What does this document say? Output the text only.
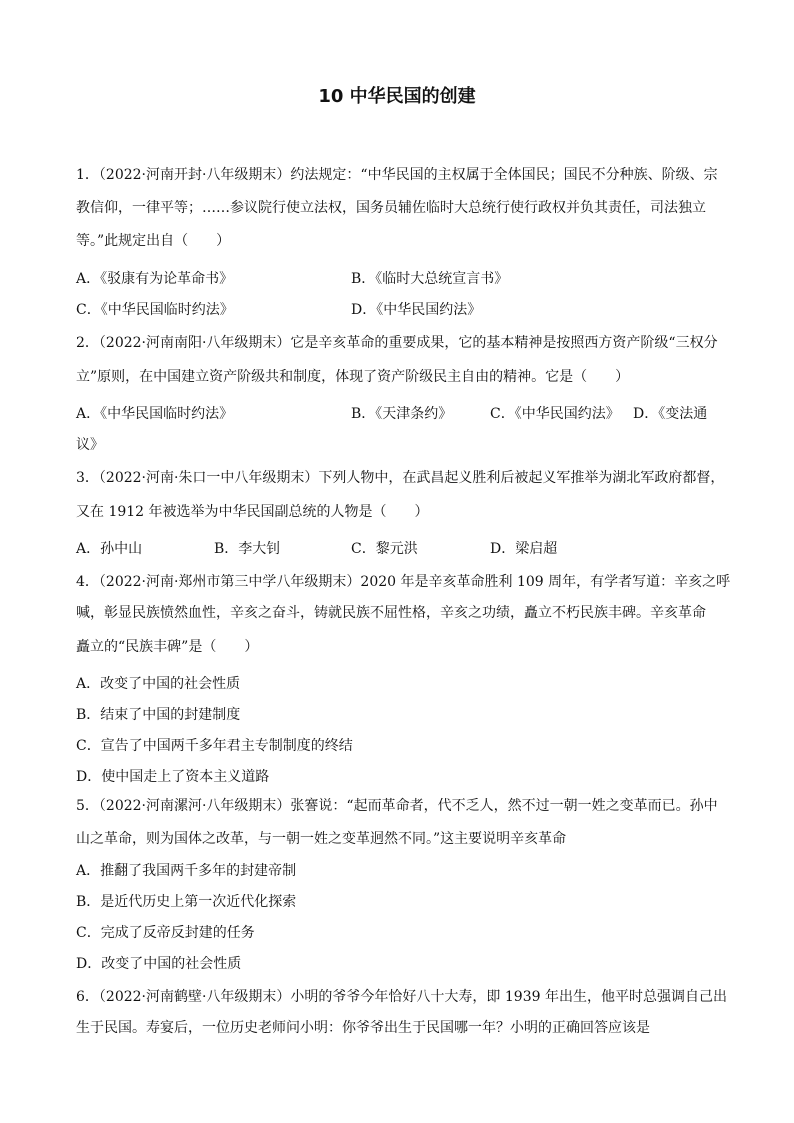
10 中华民国的创建
1．（2022·河南开封·八年级期末）约法规定：“中华民国的主权属于全体国民；国民不分种族、阶级、宗
教信仰，一律平等；……参议院行使立法权，国务员辅佐临时大总统行使行政权并负其责任，司法独立
等。”此规定出自（　　）
A．《驳康有为论革命书》	B．《临时大总统宣言书》
C．《中华民国临时约法》	D．《中华民国约法》
2．（2022·河南南阳·八年级期末）它是辛亥革命的重要成果，它的基本精神是按照西方资产阶级“三权分
立”原则，在中国建立资产阶级共和制度，体现了资产阶级民主自由的精神。它是（　　）
A．《中华民国临时约法》	B．《天津条约》	C．《中华民国约法》 D．《变法通
议》
3．（2022·河南·朱口一中八年级期末）下列人物中，在武昌起义胜利后被起义军推举为湖北军政府都督，
又在 1912 年被选举为中华民国副总统的人物是（　　）
A．孙中山	B．李大钊	C．黎元洪	D．梁启超
4．（2022·河南·郑州市第三中学八年级期末）2020 年是辛亥革命胜利 109 周年，有学者写道：辛亥之呼
喊，彰显民族愤然血性，辛亥之奋斗，铸就民族不屈性格，辛亥之功绩，矗立不朽民族丰碑。辛亥革命
矗立的“民族丰碑”是（　　）
A．改变了中国的社会性质
B．结束了中国的封建制度
C．宣告了中国两千多年君主专制制度的终结
D．使中国走上了资本主义道路
5．（2022·河南漯河·八年级期末）张謇说：“起而革命者，代不乏人，然不过一朝一姓之变革而已。孙中
山之革命，则为国体之改革，与一朝一姓之变革迥然不同。”这主要说明辛亥革命
A．推翻了我国两千多年的封建帝制
B．是近代历史上第一次近代化探索
C．完成了反帝反封建的任务
D．改变了中国的社会性质
6．（2022·河南鹤壁·八年级期末）小明的爷爷今年恰好八十大寿，即 1939 年出生，他平时总强调自己出
生于民国。寿宴后，一位历史老师问小明：你爷爷出生于民国哪一年？小明的正确回答应该是
